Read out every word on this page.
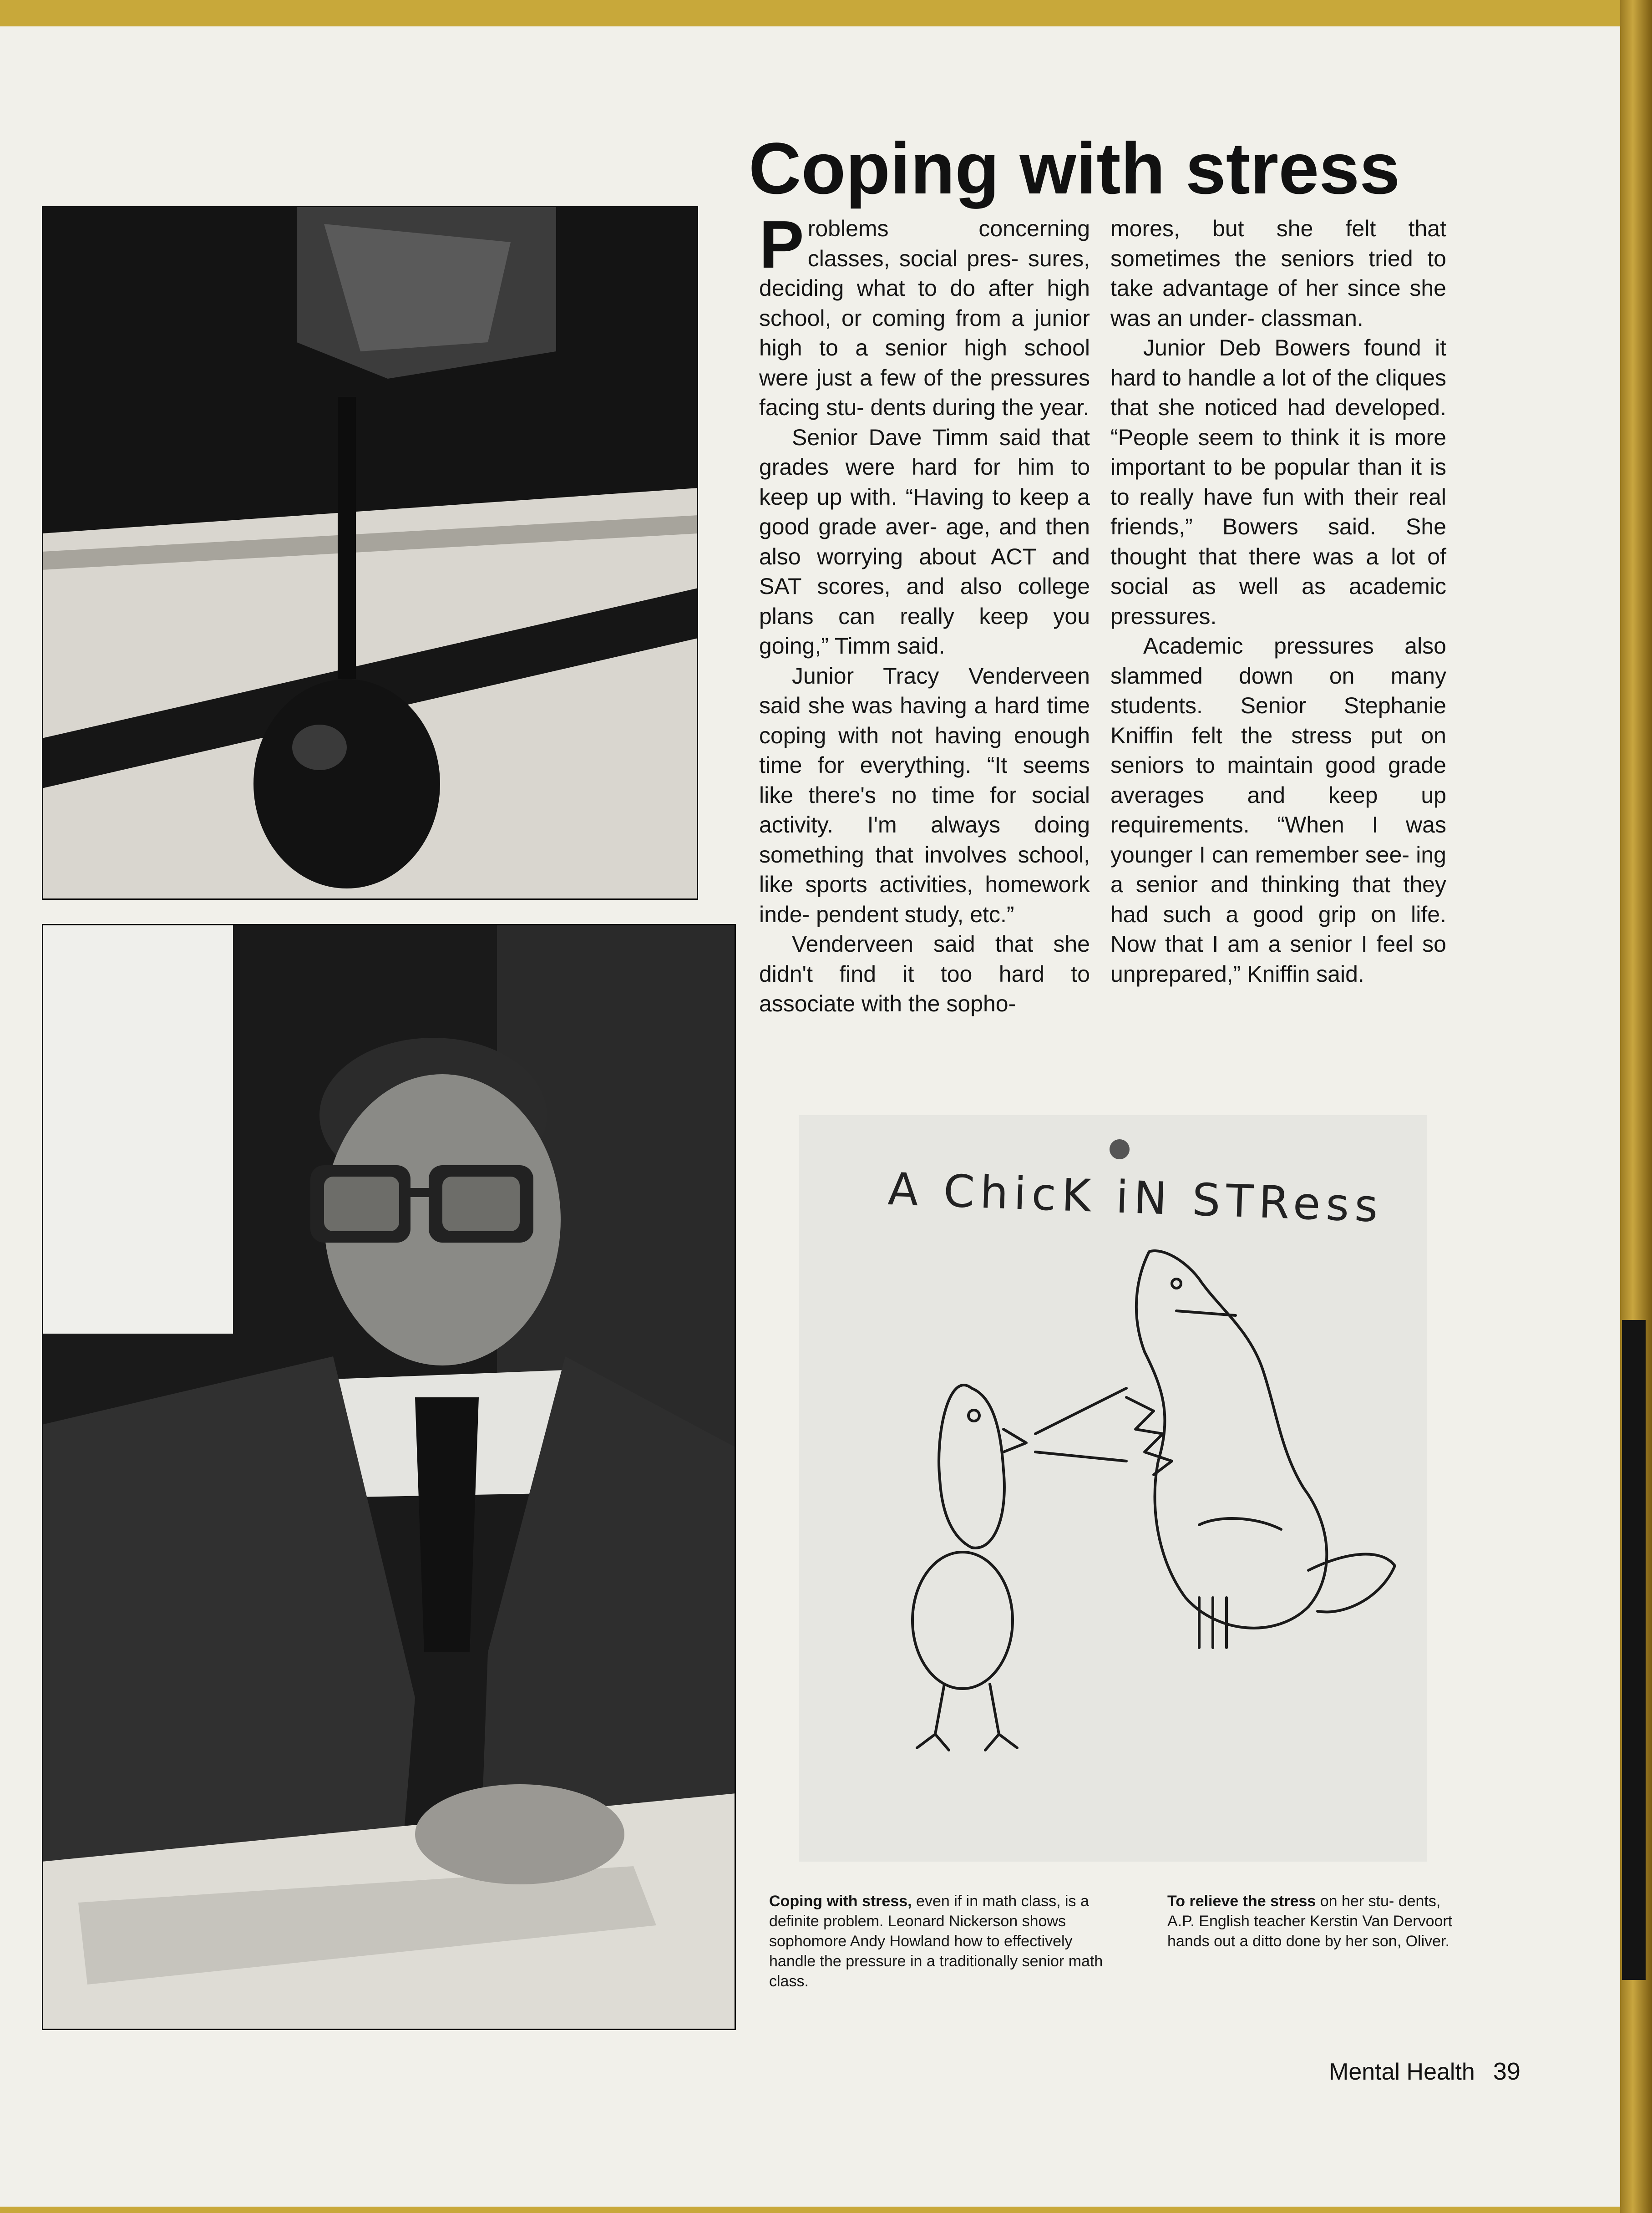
Coping with stress

Problems concerning classes, social pres- sures, deciding what to do after high school, or coming from a junior high to a senior high school were just a few of the pressures facing stu- dents during the year.

Senior Dave Timm said that grades were hard for him to keep up with. “Having to keep a good grade aver- age, and then also worrying about ACT and SAT scores, and also college plans can really keep you going,” Timm said.

Junior Tracy Venderveen said she was having a hard time coping with not having enough time for everything. “It seems like there's no time for social activity. I'm always doing something that involves school, like sports activities, homework inde- pendent study, etc.”

Venderveen said that she didn't find it too hard to associate with the sopho-

mores, but she felt that sometimes the seniors tried to take advantage of her since she was an under- classman.

Junior Deb Bowers found it hard to handle a lot of the cliques that she noticed had developed. “People seem to think it is more important to be popular than it is to really have fun with their real friends,” Bowers said. She thought that there was a lot of social as well as academic pressures.

Academic pressures also slammed down on many students. Senior Stephanie Kniffin felt the stress put on seniors to maintain good grade averages and keep up requirements. “When I was younger I can remember see- ing a senior and thinking that they had such a good grip on life. Now that I am a senior I feel so unprepared,” Kniffin said.

A ChicK iN STRess
Coping with stress, even if in math class, is a definite problem. Leonard Nickerson shows sophomore Andy Howland how to effectively handle the pressure in a traditionally senior math class.
To relieve the stress on her stu- dents, A.P. English teacher Kerstin Van Dervoort hands out a ditto done by her son, Oliver.
Mental Health 39
